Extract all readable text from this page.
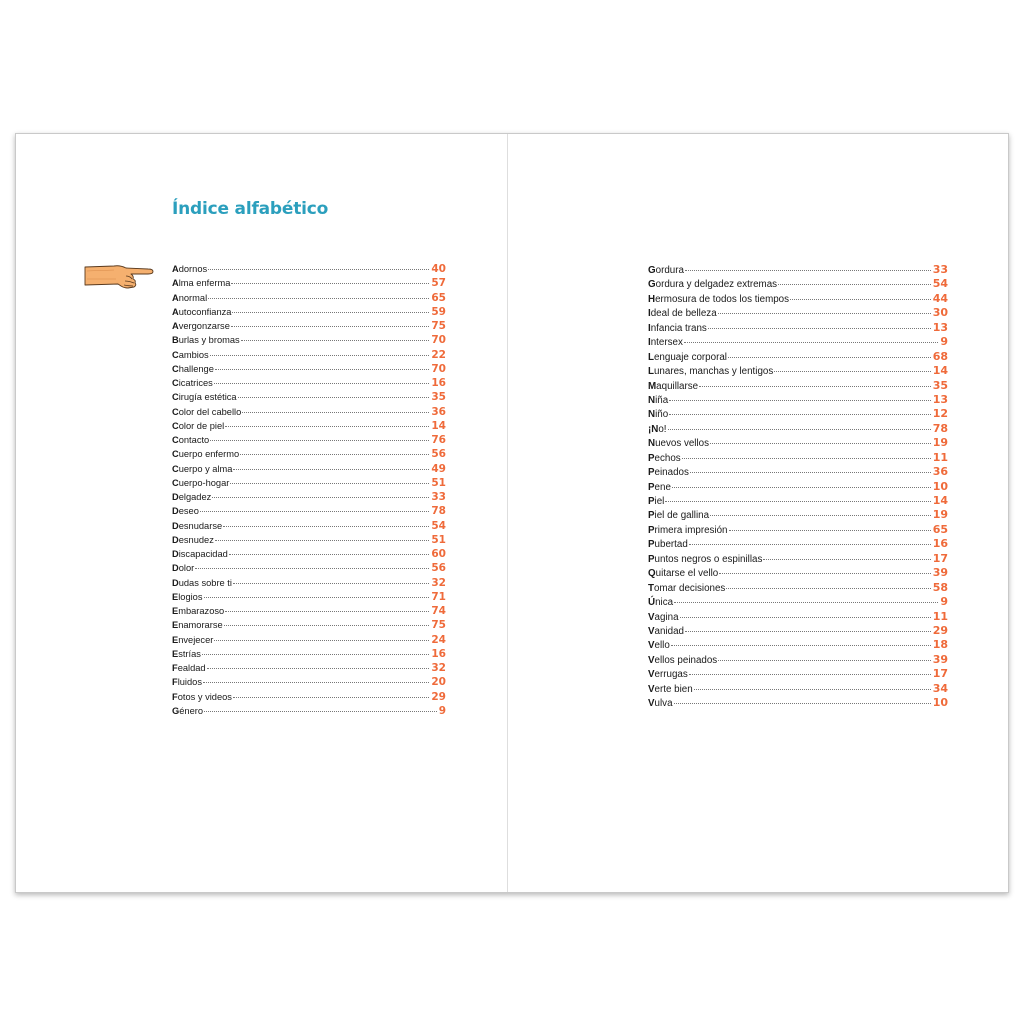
Índice alfabético
Adornos	40
Alma enferma	57
Anormal	65
Autoconfianza	59
Avergonzarse	75
Burlas y bromas	70
Cambios	22
Challenge	70
Cicatrices	16
Cirugía estética	35
Color del cabello	36
Color de piel	14
Contacto	76
Cuerpo enfermo	56
Cuerpo y alma	49
Cuerpo-hogar	51
Delgadez	33
Deseo	78
Desnudarse	54
Desnudez	51
Discapacidad	60
Dolor	56
Dudas sobre ti	32
Elogios	71
Embarazoso	74
Enamorarse	75
Envejecer	24
Estrías	16
Fealdad	32
Fluidos	20
Fotos y videos	29
Género	9
Gordura	33
Gordura y delgadez extremas	54
Hermosura de todos los tiempos	44
Ideal de belleza	30
Infancia trans	13
Intersex	9
Lenguaje corporal	68
Lunares, manchas y lentigos	14
Maquillarse	35
Niña	13
Niño	12
¡No!	78
Nuevos vellos	19
Pechos	11
Peinados	36
Pene	10
Piel	14
Piel de gallina	19
Primera impresión	65
Pubertad	16
Puntos negros o espinillas	17
Quitarse el vello	39
Tomar decisiones	58
Única	9
Vagina	11
Vanidad	29
Vello	18
Vellos peinados	39
Verrugas	17
Verte bien	34
Vulva	10
